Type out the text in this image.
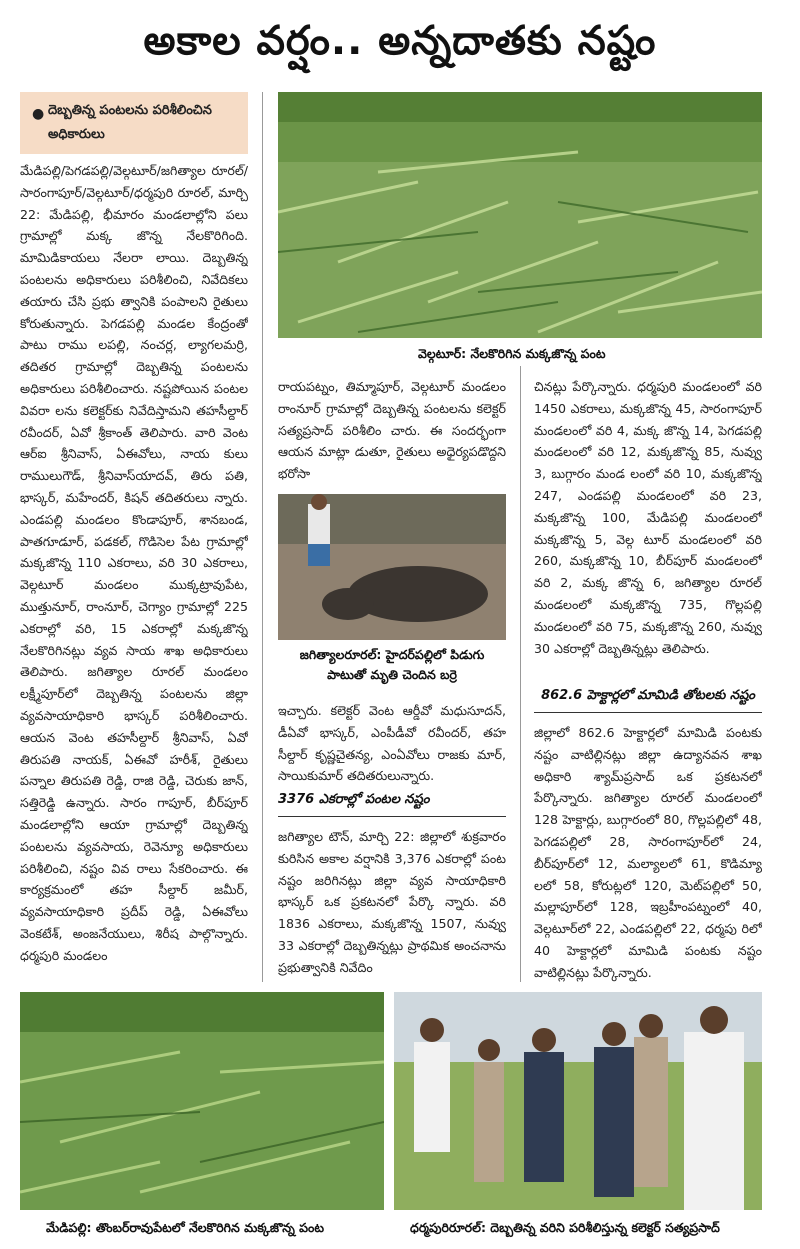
అకాల వర్షం.. అన్నదాతకు నష్టం
● దెబ్బతిన్న పంటలను పరిశీలించిన అధికారులు

మేడిపల్లి/పెగడపల్లి/వెల్గటూర్/జగిత్యాల రూరల్/సారంగాపూర్/వెల్గటూర్/ధర్మపురి రూరల్, మార్చి 22: మేడిపల్లి, భీమారం మండలాల్లోని పలు గ్రామాల్లో మక్క జొన్న నేలకొరిగింది. మామిడికాయలు నేలరా లాయి. దెబ్బతిన్న పంటలను అధికారులు పరిశీలించి, నివేదికలు తయారు చేసి ప్రభు త్వానికి పంపాలని రైతులు కోరుతున్నారు. పెగడపల్లి మండల కేంద్రంతో పాటు రాము లపల్లి, నంచర్ల, ల్యాగలమర్రి, తదితర గ్రామాల్లో దెబ్బతిన్న పంటలను అధికారులు పరిశీలించారు. నష్టపోయిన పంటల వివరా లను కలెక్టర్‌కు నివేదిస్తామని తహసీల్దార్ రవీందర్, ఏవో శ్రీకాంత్ తెలిపారు. వారి వెంట ఆర్‌ఐ శ్రీనివాస్, ఏఈవోలు, నాయ కులు రాములుగౌడ్, శ్రీనివాస్‌యాదవ్, తిరు పతి, భాస్కర్, మహేందర్, కిషన్ తదితరులు న్నారు. ఎండపల్లి మండలం కొండాపూర్, శానబండ, పాతగూడూర్, పడకల్, గొడిసెల పేట గ్రామాల్లో మక్కజొన్న 110 ఎకరాలు, వరి 30 ఎకరాలు, వెల్గటూర్ మండలం ముక్కట్రావుపేట, ముత్తునూర్, రాంనూర్, చెగ్యాం గ్రామాల్లో 225 ఎకరాల్లో వరి, 15 ఎకరాల్లో మక్కజొన్న నేలకొరిగినట్లు వ్యవ సాయ శాఖ అధికారులు తెలిపారు. జగిత్యాల రూరల్ మండలం లక్ష్మీపూర్‌లో దెబ్బతిన్న పంటలను జిల్లా వ్యవసాయాధికారి భాస్కర్ పరిశీలించారు. ఆయన వెంట తహసీల్దార్ శ్రీనివాస్, ఏవో తిరుపతి నాయక్, ఏఈవో హరీశ్, రైతులు పన్నాల తిరుపతి రెడ్డి, రాజి రెడ్డి, చెరుకు జాన్, సత్తిరెడ్డి ఉన్నారు. సారం గాపూర్, బీర్‌పూర్ మండలాల్లోని ఆయా గ్రామాల్లో దెబ్బతిన్న పంటలను వ్యవసాయ, రెవెన్యూ అధికారులు పరిశీలించి, నష్టం వివ రాలు సేకరించారు. ఈ కార్యక్రమంలో తహ సీల్దార్ జమీర్, వ్యవసాయాధికారి ప్రదీప్ రెడ్డి, ఏఈవోలు వెంకటేశ్, అంజనేయులు, శిరీష పాల్గొన్నారు. ధర్మపురి మండలం

వెల్గటూర్: నేలకొరిగిన మక్కజొన్న పంట

రాయపట్నం, తిమ్మాపూర్, వెల్గటూర్ మండలం రాంనూర్ గ్రామాల్లో దెబ్బతిన్న పంటలను కలెక్టర్ సత్యప్రసాద్ పరిశీలిం చారు. ఈ సందర్భంగా ఆయన మాట్లా డుతూ, రైతులు అధైర్యపడొద్దని భరోసా

జగిత్యాలరూరల్: హైదర్‌పల్లిలో పిడుగు పాటుతో మృతి చెందిన బర్రె

ఇచ్చారు. కలెక్టర్ వెంట ఆర్డీవో మధుసూదన్, డీఏవో భాస్కర్, ఎంపీడీవో రవీందర్, తహ సీల్దార్ కృష్ణచైతన్య, ఎంఏవోలు రాజకు మార్, సాయికుమార్ తదితరులున్నారు.

3376 ఎకరాల్లో పంటల నష్టం

జగిత్యాల టౌన్, మార్చి 22: జిల్లాలో శుక్రవారం కురిసిన అకాల వర్షానికి 3,376 ఎకరాల్లో పంట నష్టం జరిగినట్లు జిల్లా వ్యవ సాయాధికారి భాస్కర్ ఒక ప్రకటనలో పేర్కొ న్నారు. వరి 1836 ఎకరాలు, మక్కజొన్న 1507, నువ్వు 33 ఎకరాల్లో దెబ్బతిన్నట్లు ప్రాథమిక అంచనాను ప్రభుత్వానికి నివేదిం

చినట్లు పేర్కొన్నారు. ధర్మపురి మండలంలో వరి 1450 ఎకరాలు, మక్కజొన్న 45, సారంగాపూర్ మండలంలో వరి 4, మక్క జొన్న 14, పెగడపల్లి మండలంలో వరి 12, మక్కజొన్న 85, నువ్వు 3, బుగ్గారం మండ లంలో వరి 10, మక్కజొన్న 247, ఎండపల్లి మండలంలో వరి 23, మక్కజొన్న 100, మేడిపల్లి మండలంలో మక్కజొన్న 5, వెల్గ టూర్ మండలంలో వరి 260, మక్కజొన్న 10, బీర్‌పూర్ మండలంలో వరి 2, మక్క జొన్న 6, జగిత్యాల రూరల్ మండలంలో మక్కజొన్న 735, గొల్లపల్లి మండలంలో వరి 75, మక్కజొన్న 260, నువ్వు 30 ఎకరాల్లో దెబ్బతిన్నట్లు తెలిపారు.

862.6 హెక్టార్లలో మామిడి తోటలకు నష్టం

జిల్లాలో 862.6 హెక్టార్లలో మామిడి పంటకు నష్టం వాటిల్లినట్లు జిల్లా ఉద్యానవన శాఖ అధికారి శ్యామ్‌ప్రసాద్ ఒక ప్రకటనలో పేర్కొన్నారు. జగిత్యాల రూరల్ మండలంలో 128 హెక్టార్లు, బుగ్గారంలో 80, గొల్లపల్లిలో 48, పెగడపల్లిలో 28, సారంగాపూర్‌లో 24, బీర్‌పూర్‌లో 12, మల్యాలలో 61, కొడిమ్యా లలో 58, కోరుట్లలో 120, మెట్‌పల్లిలో 50, మల్లాపూర్‌లో 128, ఇబ్రహీంపట్నంలో 40, వెల్గటూర్‌లో 22, ఎండపల్లిలో 22, ధర్మపు రిలో 40 హెక్టార్లలో మామిడి పంటకు నష్టం వాటిల్లినట్లు పేర్కొన్నారు.

మేడిపల్లి: తొంబర్‌రావుపేటలో నేలకొరిగిన మక్కజొన్న పంట	ధర్మపురిరూరల్: దెబ్బతిన్న వరిని పరిశీలిస్తున్న కలెక్టర్ సత్యప్రసాద్
